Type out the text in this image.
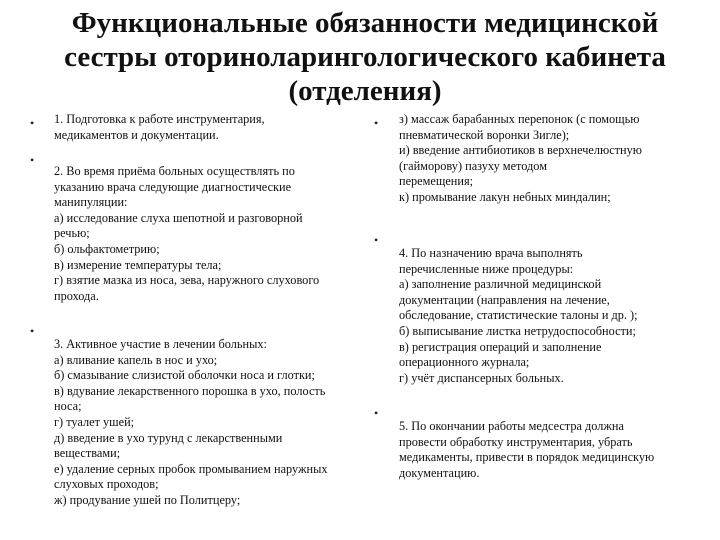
Функциональные обязанности медицинской
сестры оториноларингологического кабинета
(отделения)
•
•
•
•
•
•

1. Подготовка к работе инструментария,

медикаментов и документации.

2. Во время приёма больных осуществлять по

указанию врача следующие диагностические

манипуляции:

а) исследование слуха шепотной и разговорной

речью;

б) ольфактометрию;

в) измерение температуры тела;

г) взятие мазка из носа, зева, наружного слухового

прохода.

3. Активное участие в лечении больных:

а) вливание капель в нос и ухо;

б) смазывание слизистой оболочки носа и глотки;

в) вдувание лекарственного порошка в ухо, полость

носа;

г) туалет ушей;

д) введение в ухо турунд с лекарственными

веществами;

е) удаление серных пробок промыванием наружных

слуховых проходов;

ж) продувание ушей по Политцеру;

з) массаж барабанных перепонок (с помощью

пневматической воронки Зигле);

и) введение антибиотиков в верхнечелюстную

(гайморову) пазуху методом

перемещения;

к) промывание лакун небных миндалин;

4. По назначению врача выполнять

перечисленные ниже процедуры:

а) заполнение различной медицинской

документации (направления на лечение,

обследование, статистические талоны и др. );

б) выписывание листка нетрудоспособности;

в) регистрация операций и заполнение

операционного журнала;

г) учёт диспансерных больных.

5. По окончании работы медсестра должна

провести обработку инструментария, убрать

медикаменты, привести в порядок медицинскую

документацию.
